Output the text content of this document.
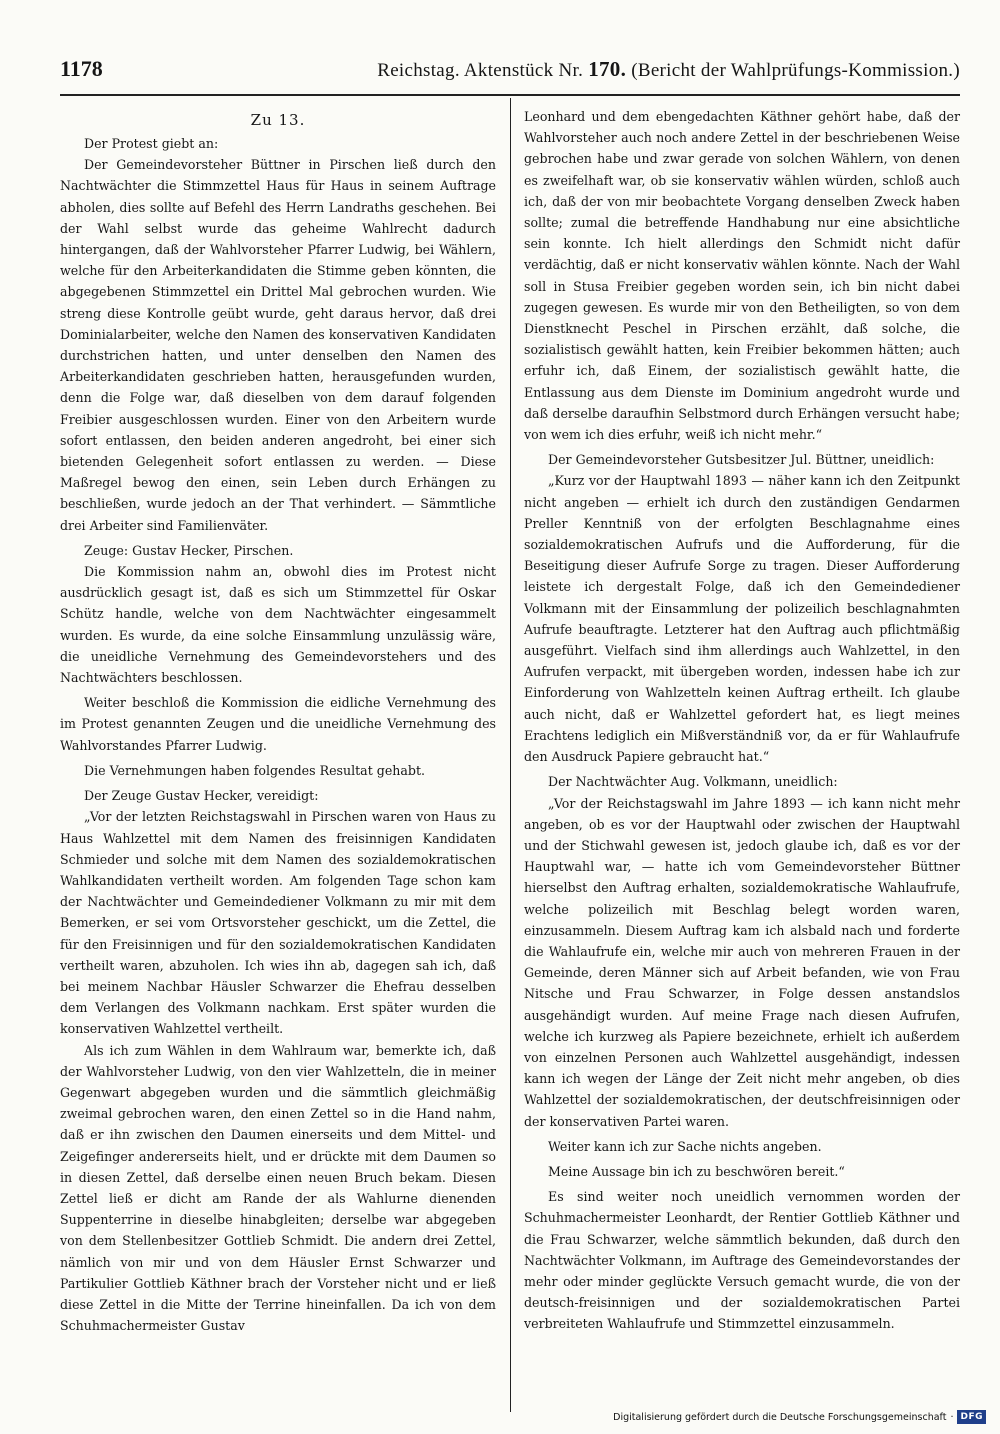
1178	Reichstag. Aktenstück Nr. 170. (Bericht der Wahlprüfungs-Kommission.)
Zu 13.

Der Protest giebt an:

Der Gemeindevorsteher Büttner in Pirschen ließ durch den Nachtwächter die Stimmzettel Haus für Haus in seinem Auftrage abholen, dies sollte auf Befehl des Herrn Landraths geschehen. Bei der Wahl selbst wurde das geheime Wahlrecht dadurch hintergangen, daß der Wahlvorsteher Pfarrer Ludwig, bei Wählern, welche für den Arbeiterkandidaten die Stimme geben könnten, die abgegebenen Stimmzettel ein Drittel Mal gebrochen wurden. Wie streng diese Kontrolle geübt wurde, geht daraus hervor, daß drei Dominialarbeiter, welche den Namen des konservativen Kandidaten durchstrichen hatten, und unter denselben den Namen des Arbeiterkandidaten geschrieben hatten, herausgefunden wurden, denn die Folge war, daß dieselben von dem darauf folgenden Freibier ausgeschlossen wurden. Einer von den Arbeitern wurde sofort entlassen, den beiden anderen angedroht, bei einer sich bietenden Gelegenheit sofort entlassen zu werden. — Diese Maßregel bewog den einen, sein Leben durch Erhängen zu beschließen, wurde jedoch an der That verhindert. — Sämmtliche drei Arbeiter sind Familienväter.

Zeuge: Gustav Hecker, Pirschen.

Die Kommission nahm an, obwohl dies im Protest nicht ausdrücklich gesagt ist, daß es sich um Stimmzettel für Oskar Schütz handle, welche von dem Nachtwächter eingesammelt wurden. Es wurde, da eine solche Einsammlung unzulässig wäre, die uneidliche Vernehmung des Gemeindevorstehers und des Nachtwächters beschlossen.

Weiter beschloß die Kommission die eidliche Vernehmung des im Protest genannten Zeugen und die uneidliche Vernehmung des Wahlvorstandes Pfarrer Ludwig.

Die Vernehmungen haben folgendes Resultat gehabt.

Der Zeuge Gustav Hecker, vereidigt:

„Vor der letzten Reichstagswahl in Pirschen waren von Haus zu Haus Wahlzettel mit dem Namen des freisinnigen Kandidaten Schmieder und solche mit dem Namen des sozialdemokratischen Wahlkandidaten vertheilt worden. Am folgenden Tage schon kam der Nachtwächter und Gemeindediener Volkmann zu mir mit dem Bemerken, er sei vom Ortsvorsteher geschickt, um die Zettel, die für den Freisinnigen und für den sozialdemokratischen Kandidaten vertheilt waren, abzuholen. Ich wies ihn ab, dagegen sah ich, daß bei meinem Nachbar Häusler Schwarzer die Ehefrau desselben dem Verlangen des Volkmann nachkam. Erst später wurden die konservativen Wahlzettel vertheilt.

Als ich zum Wählen in dem Wahlraum war, bemerkte ich, daß der Wahlvorsteher Ludwig, von den vier Wahlzetteln, die in meiner Gegenwart abgegeben wurden und die sämmtlich gleichmäßig zweimal gebrochen waren, den einen Zettel so in die Hand nahm, daß er ihn zwischen den Daumen einerseits und dem Mittel- und Zeigefinger andererseits hielt, und er drückte mit dem Daumen so in diesen Zettel, daß derselbe einen neuen Bruch bekam. Diesen Zettel ließ er dicht am Rande der als Wahlurne dienenden Suppenterrine in dieselbe hinabgleiten; derselbe war abgegeben von dem Stellenbesitzer Gottlieb Schmidt. Die andern drei Zettel, nämlich von mir und von dem Häusler Ernst Schwarzer und Partikulier Gottlieb Käthner brach der Vorsteher nicht und er ließ diese Zettel in die Mitte der Terrine hineinfallen. Da ich von dem Schuhmachermeister Gustav

Leonhard und dem ebengedachten Käthner gehört habe, daß der Wahlvorsteher auch noch andere Zettel in der beschriebenen Weise gebrochen habe und zwar gerade von solchen Wählern, von denen es zweifelhaft war, ob sie konservativ wählen würden, schloß auch ich, daß der von mir beobachtete Vorgang denselben Zweck haben sollte; zumal die betreffende Handhabung nur eine absichtliche sein konnte. Ich hielt allerdings den Schmidt nicht dafür verdächtig, daß er nicht konservativ wählen könnte. Nach der Wahl soll in Stusa Freibier gegeben worden sein, ich bin nicht dabei zugegen gewesen. Es wurde mir von den Betheiligten, so von dem Dienstknecht Peschel in Pirschen erzählt, daß solche, die sozialistisch gewählt hatten, kein Freibier bekommen hätten; auch erfuhr ich, daß Einem, der sozialistisch gewählt hatte, die Entlassung aus dem Dienste im Dominium angedroht wurde und daß derselbe daraufhin Selbstmord durch Erhängen versucht habe; von wem ich dies erfuhr, weiß ich nicht mehr.“

Der Gemeindevorsteher Gutsbesitzer Jul. Büttner, uneidlich:

„Kurz vor der Hauptwahl 1893 — näher kann ich den Zeitpunkt nicht angeben — erhielt ich durch den zuständigen Gendarmen Preller Kenntniß von der erfolgten Beschlagnahme eines sozialdemokratischen Aufrufs und die Aufforderung, für die Beseitigung dieser Aufrufe Sorge zu tragen. Dieser Aufforderung leistete ich dergestalt Folge, daß ich den Gemeindediener Volkmann mit der Einsammlung der polizeilich beschlagnahmten Aufrufe beauftragte. Letzterer hat den Auftrag auch pflichtmäßig ausgeführt. Vielfach sind ihm allerdings auch Wahlzettel, in den Aufrufen verpackt, mit übergeben worden, indessen habe ich zur Einforderung von Wahlzetteln keinen Auftrag ertheilt. Ich glaube auch nicht, daß er Wahlzettel gefordert hat, es liegt meines Erachtens lediglich ein Mißverständniß vor, da er für Wahlaufrufe den Ausdruck Papiere gebraucht hat.“

Der Nachtwächter Aug. Volkmann, uneidlich:

„Vor der Reichstagswahl im Jahre 1893 — ich kann nicht mehr angeben, ob es vor der Hauptwahl oder zwischen der Hauptwahl und der Stichwahl gewesen ist, jedoch glaube ich, daß es vor der Hauptwahl war, — hatte ich vom Gemeindevorsteher Büttner hierselbst den Auftrag erhalten, sozialdemokratische Wahlaufrufe, welche polizeilich mit Beschlag belegt worden waren, einzusammeln. Diesem Auftrag kam ich alsbald nach und forderte die Wahlaufrufe ein, welche mir auch von mehreren Frauen in der Gemeinde, deren Männer sich auf Arbeit befanden, wie von Frau Nitsche und Frau Schwarzer, in Folge dessen anstandslos ausgehändigt wurden. Auf meine Frage nach diesen Aufrufen, welche ich kurzweg als Papiere bezeichnete, erhielt ich außerdem von einzelnen Personen auch Wahlzettel ausgehändigt, indessen kann ich wegen der Länge der Zeit nicht mehr angeben, ob dies Wahlzettel der sozialdemokratischen, der deutschfreisinnigen oder der konservativen Partei waren.

Weiter kann ich zur Sache nichts angeben.

Meine Aussage bin ich zu beschwören bereit.“

Es sind weiter noch uneidlich vernommen worden der Schuhmachermeister Leonhardt, der Rentier Gottlieb Käthner und die Frau Schwarzer, welche sämmtlich bekunden, daß durch den Nachtwächter Volkmann, im Auftrage des Gemeindevorstandes der mehr oder minder geglückte Versuch gemacht wurde, die von der deutsch-freisinnigen und der sozialdemokratischen Partei verbreiteten Wahlaufrufe und Stimmzettel einzusammeln.

Digitalisierung gefördert durch die Deutsche Forschungsgemeinschaft · DFG
